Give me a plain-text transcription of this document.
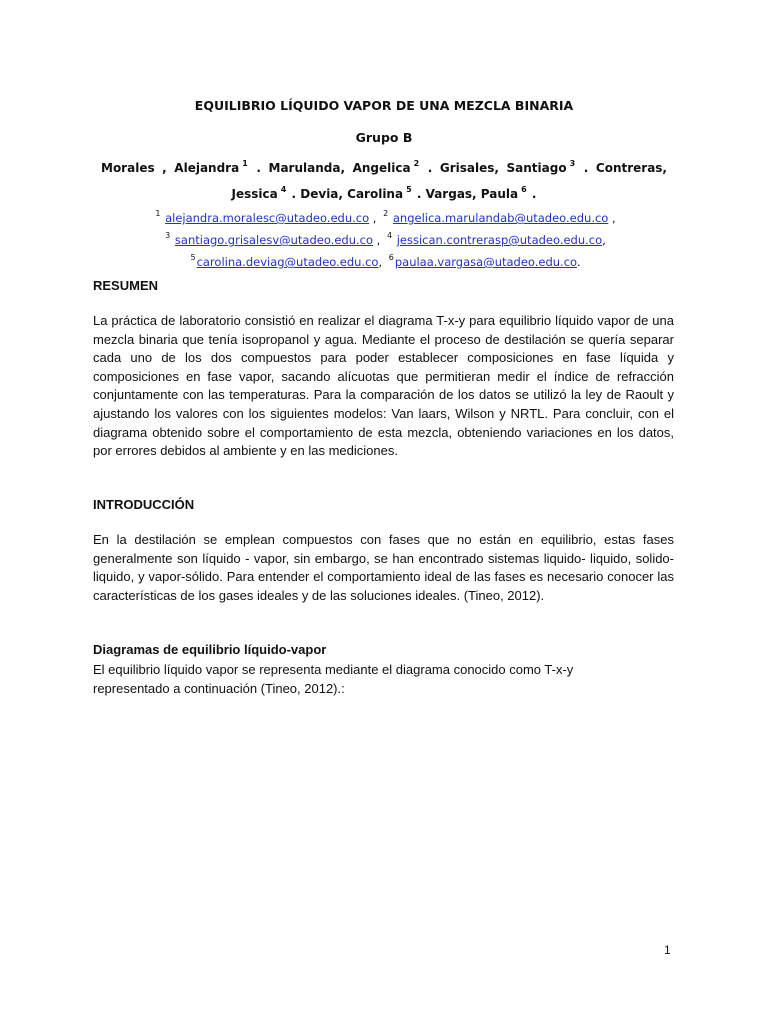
EQUILIBRIO LÍQUIDO VAPOR DE UNA MEZCLA BINARIA
Grupo B
Morales , Alejandra $^1$ . Marulanda, Angelica $^2$ . Grisales, Santiago $^3$ . Contreras, Jessica $^4$ . Devia, Carolina $^5$ . Vargas, Paula $^6$ .
$^1$ alejandra.moralesc@utadeo.edu.co , $^2$ angelica.marulandab@utadeo.edu.co ,
$^3$ santiago.grisalesv@utadeo.edu.co , $^4$ jessican.contrerasp@utadeo.edu.co,
$^5$carolina.deviag@utadeo.edu.co, $^6$paulaa.vargasa@utadeo.edu.co.
RESUMEN
La práctica de laboratorio consistió en realizar el diagrama T-x-y para equilibrio líquido vapor de una mezcla binaria que tenía isopropanol y agua. Mediante el proceso de destilación se quería separar cada uno de los dos compuestos para poder establecer composiciones en fase líquida y composiciones en fase vapor, sacando alícuotas que permitieran medir el índice de refracción conjuntamente con las temperaturas. Para la comparación de los datos se utilizó la ley de Raoult y ajustando los valores con los siguientes modelos: Van laars, Wilson y NRTL. Para concluir, con el diagrama obtenido sobre el comportamiento de esta mezcla, obteniendo variaciones en los datos, por errores debidos al ambiente y en las mediciones.
INTRODUCCIÓN
En la destilación se emplean compuestos con fases que no están en equilibrio, estas fases generalmente son líquido - vapor, sin embargo, se han encontrado sistemas liquido- liquido, solido-liquido, y vapor-sólido. Para entender el comportamiento ideal de las fases es necesario conocer las características de los gases ideales y de las soluciones ideales. (Tineo, 2012).
Diagramas de equilibrio líquido-vapor
El equilibrio líquido vapor se representa mediante el diagrama conocido como T-x-y
representado a continuación (Tineo, 2012).:
1
